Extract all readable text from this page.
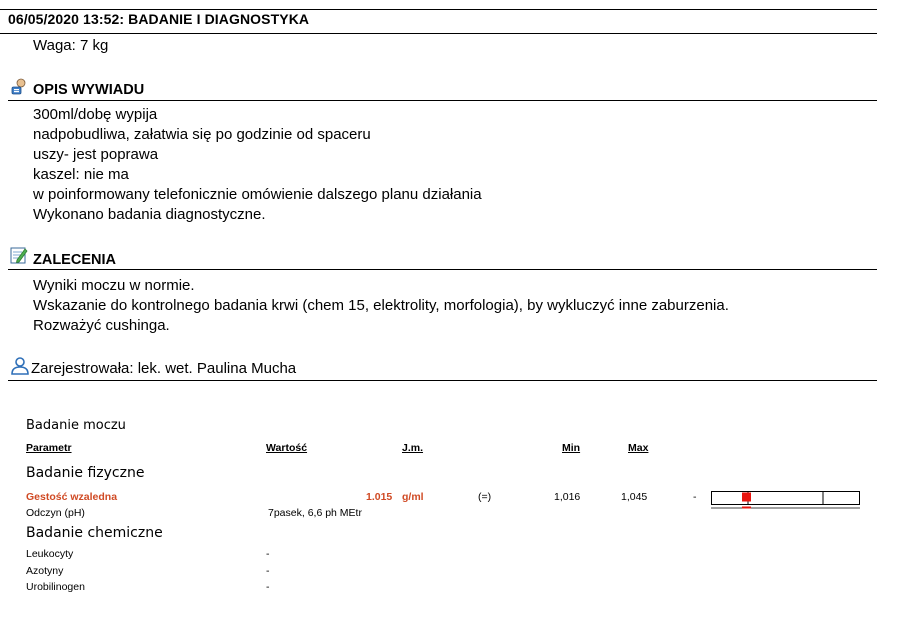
06/05/2020 13:52: BADANIE I DIAGNOSTYKA
Waga: 7 kg
OPIS WYWIADU
300ml/dobę wypija
nadpobudliwa, załatwia się po godzinie od spaceru
uszy- jest poprawa
kaszel: nie ma
w poinformowany telefonicznie omówienie dalszego planu działania
Wykonano badania diagnostyczne.
ZALECENIA
Wyniki moczu w normie.
Wskazanie do kontrolnego badania krwi (chem 15, elektrolity, morfologia), by wykluczyć inne zaburzenia.
Rozważyć cushinga.
Zarejestrowała: lek. wet. Paulina Mucha
Badanie moczu
Parametr	Wartość	J.m.	Min	Max
Badanie fizyczne
Gestość wzaledna	1.015 g/ml	(=)	1,016	1,045	-
Odczyn (pH)	7pasek, 6,6 ph MEtr
Badanie chemiczne
Leukocyty	-
Azotyny	-
Urobilinogen	-
